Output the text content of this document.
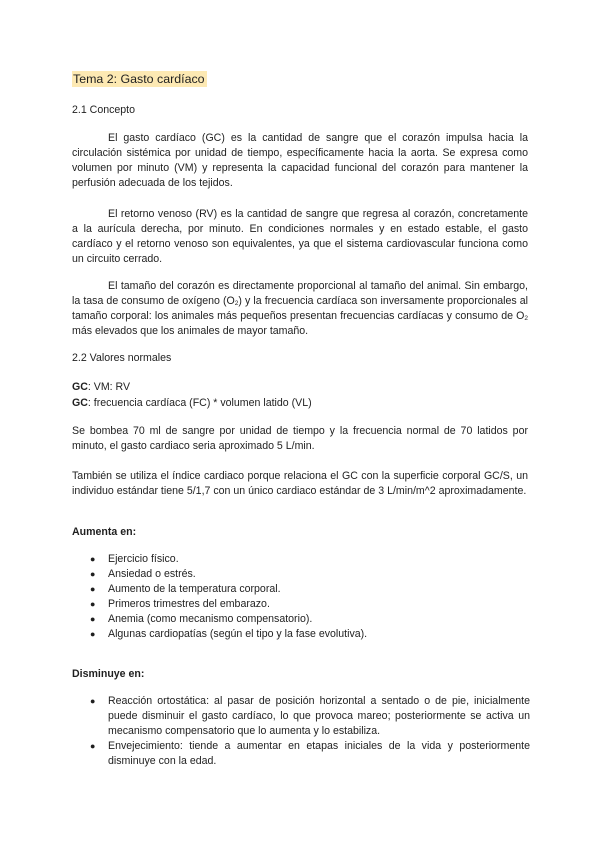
Tema 2: Gasto cardíaco
2.1 Concepto

El gasto cardíaco (GC) es la cantidad de sangre que el corazón impulsa hacia la circulación sistémica por unidad de tiempo, específicamente hacia la aorta. Se expresa como volumen por minuto (VM) y representa la capacidad funcional del corazón para mantener la perfusión adecuada de los tejidos.

El retorno venoso (RV) es la cantidad de sangre que regresa al corazón, concretamente a la aurícula derecha, por minuto. En condiciones normales y en estado estable, el gasto cardíaco y el retorno venoso son equivalentes, ya que el sistema cardiovascular funciona como un circuito cerrado.

El tamaño del corazón es directamente proporcional al tamaño del animal. Sin embargo, la tasa de consumo de oxígeno $(O_2)$ y la frecuencia cardíaca son inversamente proporcionales al tamaño corporal: los animales más pequeños presentan frecuencias cardíacas y consumo de $O_2$ más elevados que los animales de mayor tamaño.

2.2 Valores normales
GC: VM: RV
GC: frecuencia cardíaca (FC) * volumen latido (VL)

Se bombea 70 ml de sangre por unidad de tiempo y la frecuencia normal de 70 latidos por minuto, el gasto cardiaco seria aproximado 5 L/min.

También se utiliza el índice cardiaco porque relaciona el GC con la superficie corporal GC/S, un individuo estándar tiene 5/1,7 con un único cardiaco estándar de 3 L/min/m^2 aproximadamente.

Aumenta en:
● Ejercicio físico.
● Ansiedad o estrés.
● Aumento de la temperatura corporal.
● Primeros trimestres del embarazo.
● Anemia (como mecanismo compensatorio).
● Algunas cardiopatías (según el tipo y la fase evolutiva).
Disminuye en:
● Reacción ortostática: al pasar de posición horizontal a sentado o de pie, inicialmente puede disminuir el gasto cardíaco, lo que provoca mareo; posteriormente se activa un mecanismo compensatorio que lo aumenta y lo estabiliza.
● Envejecimiento: tiende a aumentar en etapas iniciales de la vida y posteriormente disminuye con la edad.
